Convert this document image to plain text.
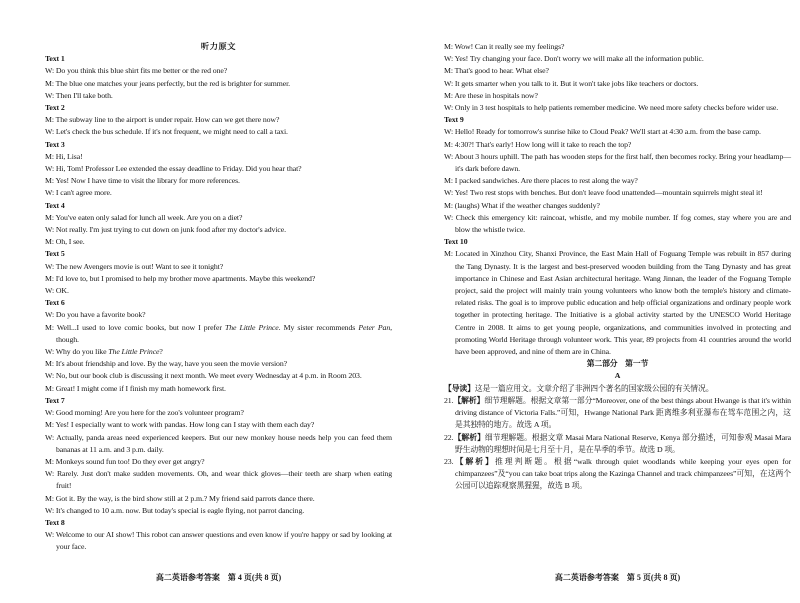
听力原文
Text 1
W: Do you think this blue shirt fits me better or the red one?
M: The blue one matches your jeans perfectly, but the red is brighter for summer.
W: Then I'll take both.
Text 2
M: The subway line to the airport is under repair. How can we get there now?
W: Let's check the bus schedule. If it's not frequent, we might need to call a taxi.
Text 3
M: Hi, Lisa!
W: Hi, Tom! Professor Lee extended the essay deadline to Friday. Did you hear that?
M: Yes! Now I have time to visit the library for more references.
W: I can't agree more.
Text 4
M: You've eaten only salad for lunch all week. Are you on a diet?
W: Not really. I'm just trying to cut down on junk food after my doctor's advice.
M: Oh, I see.
Text 5
W: The new Avengers movie is out! Want to see it tonight?
M: I'd love to, but I promised to help my brother move apartments. Maybe this weekend?
W: OK.
Text 6
W: Do you have a favorite book?
M: Well...I used to love comic books, but now I prefer The Little Prince. My sister recommends Peter Pan, though.
W: Why do you like The Little Prince?
M: It's about friendship and love. By the way, have you seen the movie version?
W: No, but our book club is discussing it next month. We meet every Wednesday at 4 p.m. in Room 203.
M: Great! I might come if I finish my math homework first.
Text 7
W: Good morning! Are you here for the zoo's volunteer program?
M: Yes! I especially want to work with pandas. How long can I stay with them each day?
W: Actually, panda areas need experienced keepers. But our new monkey house needs help you can feed them bananas at 11 a.m. and 3 p.m. daily.
M: Monkeys sound fun too! Do they ever get angry?
W: Rarely. Just don't make sudden movements. Oh, and wear thick gloves—their teeth are sharp when eating fruit!
M: Got it. By the way, is the bird show still at 2 p.m.? My friend said parrots dance there.
W: It's changed to 10 a.m. now. But today's special is eagle flying, not parrot dancing.
Text 8
W: Welcome to our AI show! This robot can answer questions and even know if you're happy or sad by looking at your face.
M: Wow! Can it really see my feelings?
W: Yes! Try changing your face. Don't worry we will make all the information public.
M: That's good to hear. What else?
W: It gets smarter when you talk to it. But it won't take jobs like teachers or doctors.
M: Are these in hospitals now?
W: Only in 3 test hospitals to help patients remember medicine. We need more safety checks before wider use.
Text 9
W: Hello! Ready for tomorrow's sunrise hike to Cloud Peak? We'll start at 4:30 a.m. from the base camp.
M: 4:30?! That's early! How long will it take to reach the top?
W: About 3 hours uphill. The path has wooden steps for the first half, then becomes rocky. Bring your headlamp—it's dark before dawn.
M: I packed sandwiches. Are there places to rest along the way?
W: Yes! Two rest stops with benches. But don't leave food unattended—mountain squirrels might steal it!
M: (laughs) What if the weather changes suddenly?
W: Check this emergency kit: raincoat, whistle, and my mobile number. If fog comes, stay where you are and blow the whistle twice.
Text 10
M: Located in Xinzhou City, Shanxi Province, the East Main Hall of Foguang Temple was rebuilt in 857 during the Tang Dynasty. It is the largest and best-preserved wooden building from the Tang Dynasty and has great importance in Chinese and East Asian architectural heritage. Wang Jinnan, the leader of the Foguang Temple project, said the project will mainly train young volunteers who know both the temple's history and climate-related risks. The goal is to improve public education and help official organizations and ordinary people work together in protecting heritage. The Initiative is a global activity started by the UNESCO World Heritage Centre in 2008. It aims to get young people, organizations, and communities involved in protecting and promoting World Heritage through volunteer work. This year, 89 projects from 41 countries around the world have been approved, and nine of them are in China.
第二部分　第一节
A
【导读】这是一篇应用文。文章介绍了非洲四个著名的国家级公园的有关情况。
21.【解析】细节理解题。根据文章第一部分“Moreover, one of the best things about Hwange is that it's within driving distance of Victoria Falls.”可知，Hwange National Park 距离维多利亚瀑布在驾车范围之内，这是其独特的地方。故选 A 项。
22.【解析】细节理解题。根据文章 Masai Mara National Reserve, Kenya 部分描述，可知参观 Masai Mara 野生动物的理想时间是七月至十月，是在旱季的季节。故选 D 项。
23.【解析】推理判断题。根据“walk through quiet woodlands while keeping your eyes open for chimpanzees”及“you can take boat trips along the Kazinga Channel and track chimpanzees”可知，在这两个公园可以追踪观察黑猩猩，故选 B 项。
高二英语参考答案　第 4 页(共 8 页)	高二英语参考答案　第 5 页(共 8 页)
